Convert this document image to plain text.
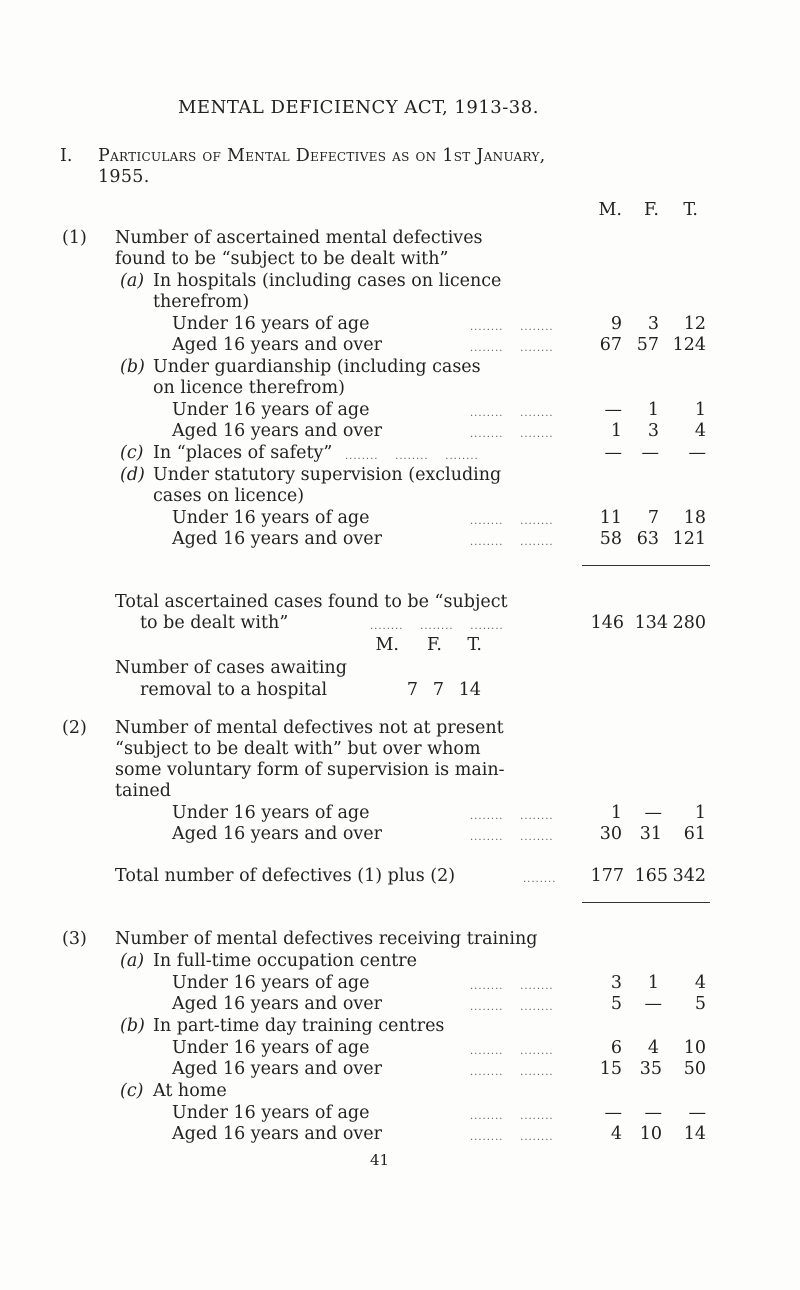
MENTAL DEFICIENCY ACT, 1913-38.
I. Particulars of Mental Defectives as on 1st January,
1955.
M.	F.	T.
(1) Number of ascertained mental defectives
found to be “subject to be dealt with”
(a) In hospitals (including cases on licence
therefrom)
Under 16 years of age	........    ........	9	3	12
Aged 16 years and over	........    ........	67 57 124
(b) Under guardianship (including cases
on licence therefrom)
Under 16 years of age	........    ........	—	1	1
Aged 16 years and over	........    ........	1	3	4
(c) In “places of safety” ........    ........    ........	—	—	—
(d) Under statutory supervision (excluding
cases on licence)
Under 16 years of age	........    ........	11	7	18
Aged 16 years and over	........    ........	58 63 121
Total ascertained cases found to be “subject
to be dealt with”	........    ........    ........	146 134 280
M.	F.	T.
Number of cases awaiting
removal to a hospital	7 7 14
(2) Number of mental defectives not at present
“subject to be dealt with” but over whom
some voluntary form of supervision is main-
tained
Under 16 years of age	........    ........	1	—	1
Aged 16 years and over	........    ........	30	31	61
Total number of defectives (1) plus (2)	........ 177 165 342
(3) Number of mental defectives receiving training
(a) In full-time occupation centre
Under 16 years of age	........    ........	3	1	4
Aged 16 years and over	........    ........	5	—	5
(b) In part-time day training centres
Under 16 years of age	........    ........	6	4	10
Aged 16 years and over	........    ........	15	35	50
(c) At home
Under 16 years of age	........    ........	—	—	—
Aged 16 years and over	........    ........	4	10	14
41
